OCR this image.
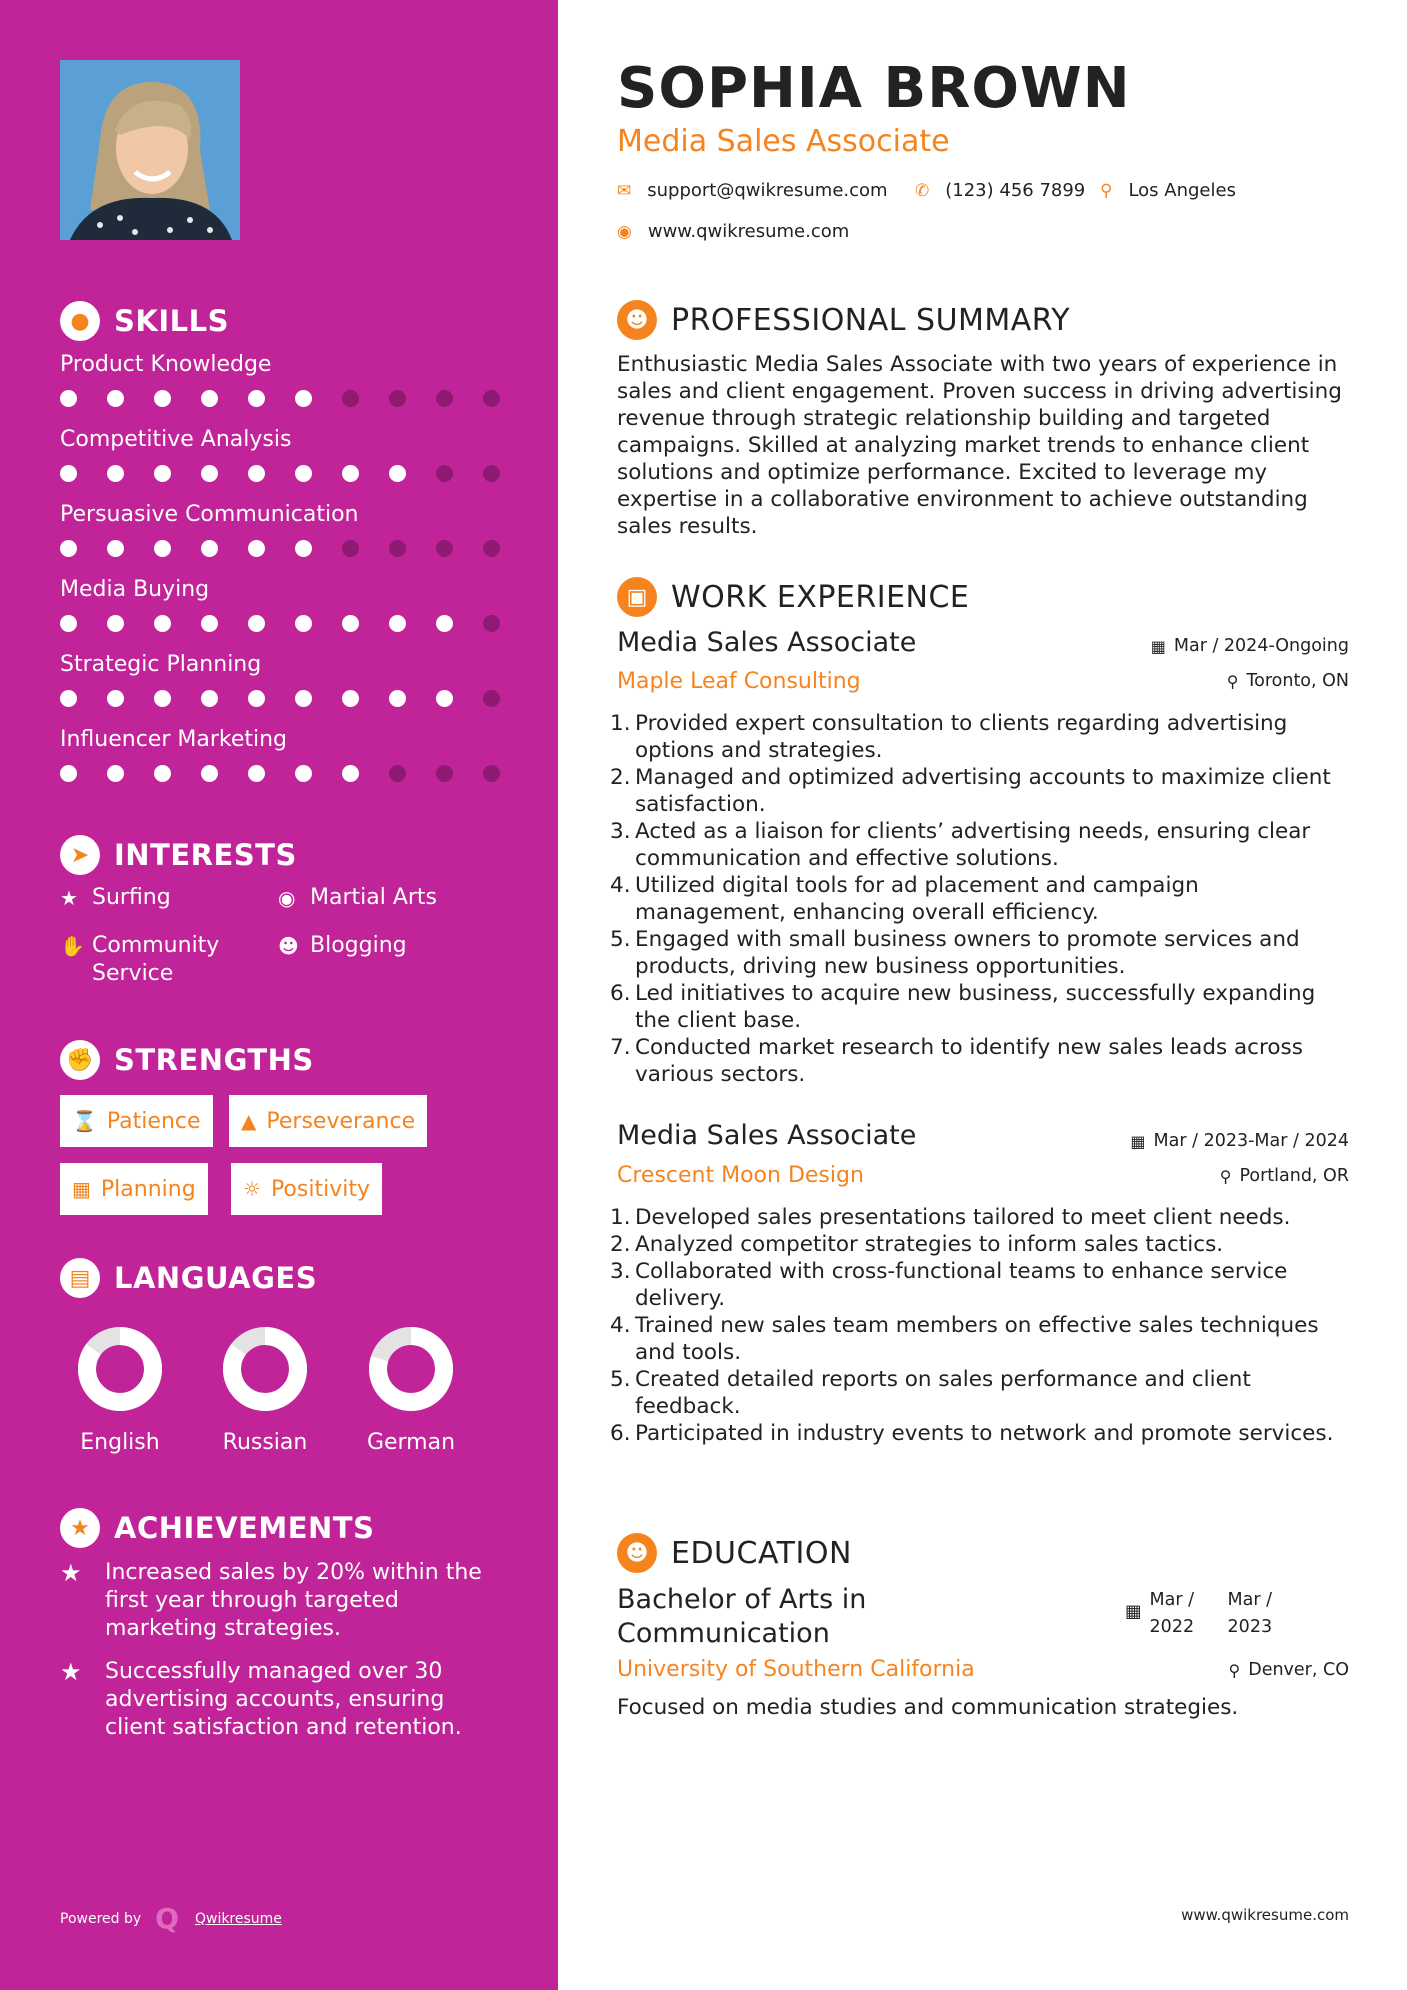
● SKILLS
Product Knowledge
Competitive Analysis
Persuasive Communication
Media Buying
Strategic Planning
Influencer Marketing
➤ INTERESTS
★ Surfing	◉ Martial Arts
✋ Community Service
☻ Blogging
✊ STRENGTHS
⌛ Patience ▲ Perseverance
▦ Planning ☼ Positivity
▤ LANGUAGES
English	Russian	German
★ ACHIEVEMENTS
★	Increased sales by 20% within the first year through targeted marketing strategies.
★	Successfully managed over 30 advertising accounts, ensuring client satisfaction and retention.
Powered by Q Qwikresume
SOPHIA BROWN
Media Sales Associate
✉ support@qwikresume.com ✆ (123) 456 7899 ⚲ Los Angeles
◉ www.qwikresume.com
☻ PROFESSIONAL SUMMARY
Enthusiastic Media Sales Associate with two years of experience in sales and client engagement. Proven success in driving advertising revenue through strategic relationship building and targeted campaigns. Skilled at analyzing market trends to enhance client solutions and optimize performance. Excited to leverage my expertise in a collaborative environment to achieve outstanding sales results.
▣ WORK EXPERIENCE
Media Sales Associate
Maple Leaf Consulting
▦ Mar / 2024-Ongoing
⚲ Toronto, ON
Provided expert consultation to clients regarding advertising options and strategies.
Managed and optimized advertising accounts to maximize client satisfaction.
Acted as a liaison for clients’ advertising needs, ensuring clear communication and effective solutions.
Utilized digital tools for ad placement and campaign management, enhancing overall efficiency.
Engaged with small business owners to promote services and products, driving new business opportunities.
Led initiatives to acquire new business, successfully expanding the client base.
Conducted market research to identify new sales leads across various sectors.
Media Sales Associate
Crescent Moon Design
▦ Mar / 2023-Mar / 2024
⚲ Portland, OR
Developed sales presentations tailored to meet client needs.
Analyzed competitor strategies to inform sales tactics.
Collaborated with cross-functional teams to enhance service delivery.
Trained new sales team members on effective sales techniques and tools.
Created detailed reports on sales performance and client feedback.
Participated in industry events to network and promote services.
☻ EDUCATION
Bachelor of Arts in
Communication
▦
Mar /
2022
Mar /
2023
University of Southern California	⚲ Denver, CO
Focused on media studies and communication strategies.
www.qwikresume.com
